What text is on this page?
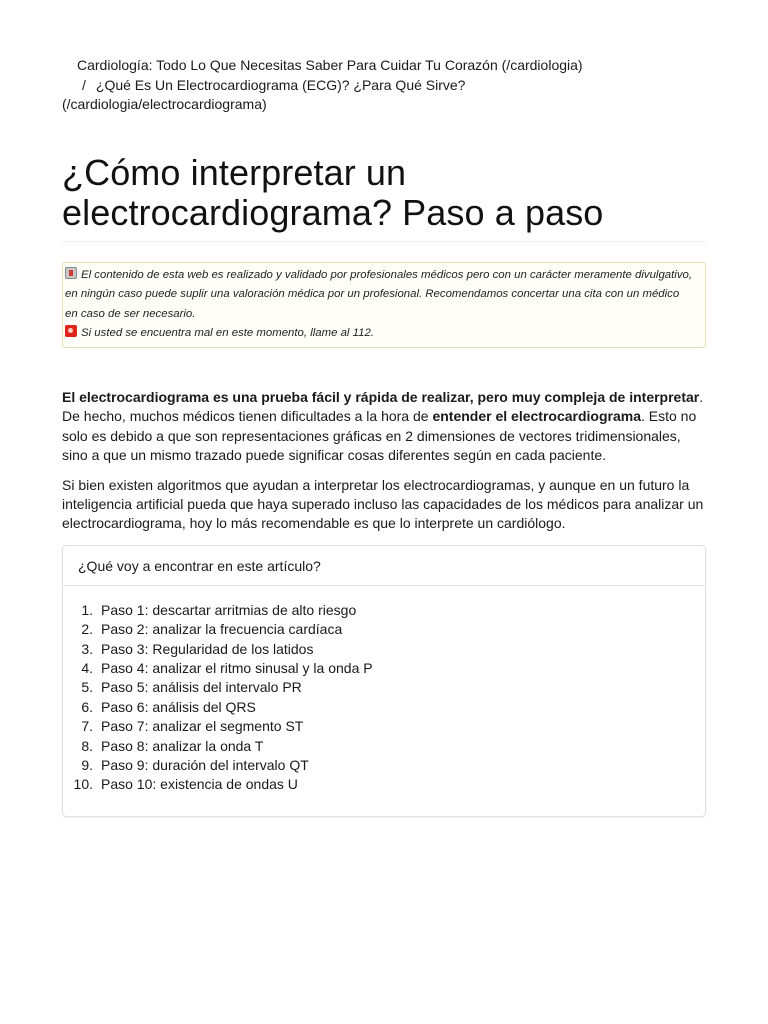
Cardiología: Todo Lo Que Necesitas Saber Para Cuidar Tu Corazón (/cardiologia)
/ ¿Qué Es Un Electrocardiograma (ECG)? ¿Para Qué Sirve?
(/cardiologia/electrocardiograma)
¿Cómo interpretar un
electrocardiograma? Paso a paso
El contenido de esta web es realizado y validado por profesionales médicos pero con un carácter meramente divulgativo, en ningún caso puede suplir una valoración médica por un profesional. Recomendamos concertar una cita con un médico en caso de ser necesario.
Si usted se encuentra mal en este momento, llame al 112.

El electrocardiograma es una prueba fácil y rápida de realizar, pero muy compleja de interpretar. De hecho, muchos médicos tienen dificultades a la hora de entender el electrocardiograma. Esto no solo es debido a que son representaciones gráficas en 2 dimensiones de vectores tridimensionales, sino a que un mismo trazado puede significar cosas diferentes según en cada paciente.

Si bien existen algoritmos que ayudan a interpretar los electrocardiogramas, y aunque en un futuro la inteligencia artificial pueda que haya superado incluso las capacidades de los médicos para analizar un electrocardiograma, hoy lo más recomendable es que lo interprete un cardiólogo.

¿Qué voy a encontrar en este artículo?
1. Paso 1: descartar arritmias de alto riesgo
2. Paso 2: analizar la frecuencia cardíaca
3. Paso 3: Regularidad de los latidos
4. Paso 4: analizar el ritmo sinusal y la onda P
5. Paso 5: análisis del intervalo PR
6. Paso 6: análisis del QRS
7. Paso 7: analizar el segmento ST
8. Paso 8: analizar la onda T
9. Paso 9: duración del intervalo QT
10. Paso 10: existencia de ondas U
